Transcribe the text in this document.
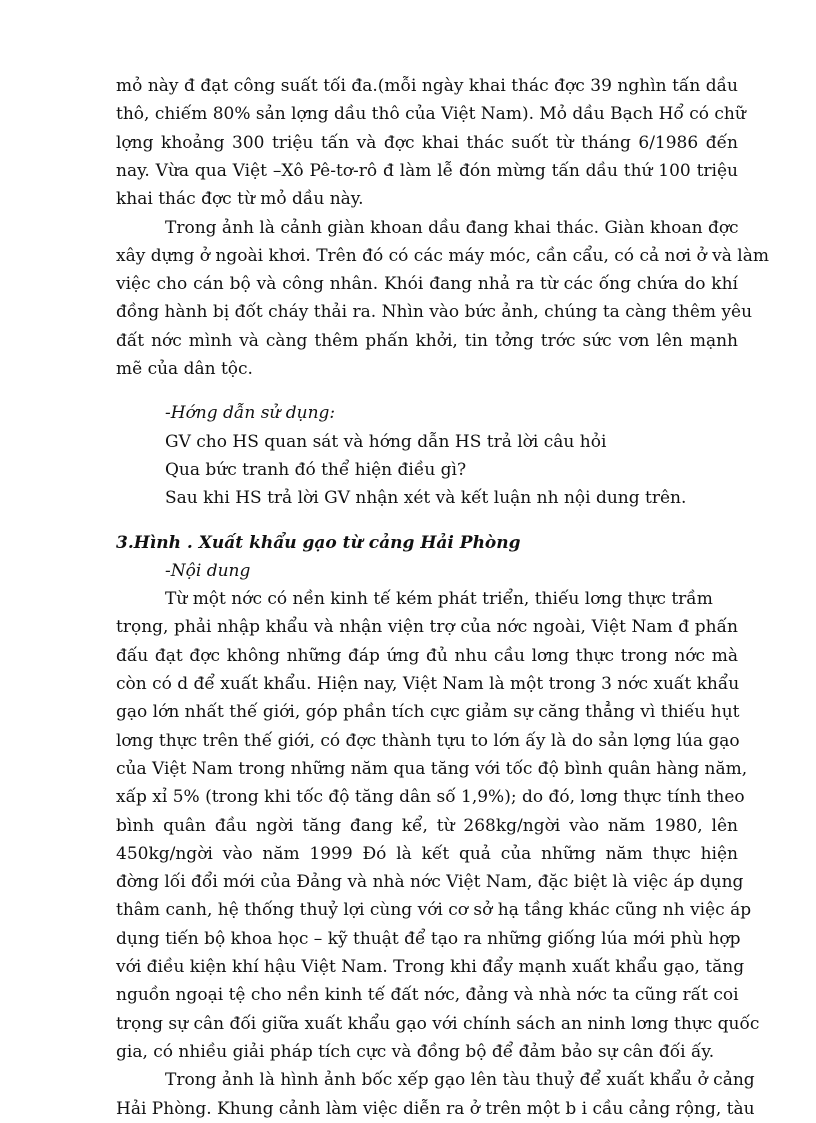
mỏ này đ đạt công suất tối đa.(mỗi ngày khai thác đợc 39 nghìn tấn dầu
thô, chiếm 80% sản lợng dầu thô của Việt Nam). Mỏ dầu Bạch Hổ có chữ
lợng khoảng 300 triệu tấn và đợc khai thác suốt từ tháng 6/1986 đến
nay. Vừa qua Việt –Xô Pê-tơ-rô đ làm lễ đón mừng tấn dầu thứ 100 triệu
khai thác đợc từ mỏ dầu này.
Trong ảnh là cảnh giàn khoan dầu đang khai thác. Giàn khoan đợc
xây dựng ở ngoài khơi. Trên đó có các máy móc, cần cẩu, có cả nơi ở và làm
việc cho cán bộ và công nhân. Khói đang nhả ra từ các ống chứa do khí
đồng hành bị đốt cháy thải ra. Nhìn vào bức ảnh, chúng ta càng thêm yêu
đất nớc mình và càng thêm phấn khởi, tin tởng trớc sức vơn lên mạnh
mẽ của dân tộc.
-Hớng dẫn sử dụng:
GV cho HS quan sát và hớng dẫn HS trả lời câu hỏi
Qua bức tranh đó thể hiện điều gì?
Sau khi HS trả lời GV nhận xét và kết luận nh nội dung trên.
3.Hình . Xuất khẩu gạo từ cảng Hải Phòng
-Nội dung
Từ một nớc có nền kinh tế kém phát triển, thiếu lơng thực trầm
trọng, phải nhập khẩu và nhận viện trợ của nớc ngoài, Việt Nam đ phấn
đấu đạt đợc không những đáp ứng đủ nhu cầu lơng thực trong nớc mà
còn có d để xuất khẩu. Hiện nay, Việt Nam là một trong 3 nớc xuất khẩu
gạo lớn nhất thế giới, góp phần tích cực giảm sự căng thẳng vì thiếu hụt
lơng thực trên thế giới, có đợc thành tựu to lớn ấy là do sản lợng lúa gạo
của Việt Nam trong những năm qua tăng với tốc độ bình quân hàng năm,
xấp xỉ 5% (trong khi tốc độ tăng dân số 1,9%); do đó, lơng thực tính theo
bình quân đầu ngời tăng đang kể, từ 268kg/ngời vào năm 1980, lên
450kg/ngời vào năm 1999 Đó là kết quả của những năm thực hiện
đờng lối đổi mới của Đảng và nhà nớc Việt Nam, đặc biệt là việc áp dụng
thâm canh, hệ thống thuỷ lợi cùng với cơ sở hạ tầng khác cũng nh việc áp
dụng tiến bộ khoa học – kỹ thuật để tạo ra những giống lúa mới phù hợp
với điều kiện khí hậu Việt Nam. Trong khi đẩy mạnh xuất khẩu gạo, tăng
nguồn ngoại tệ cho nền kinh tế đất nớc, đảng và nhà nớc ta cũng rất coi
trọng sự cân đối giữa xuất khẩu gạo với chính sách an ninh lơng thực quốc
gia, có nhiều giải pháp tích cực và đồng bộ để đảm bảo sự cân đối ấy.
Trong ảnh là hình ảnh bốc xếp gạo lên tàu thuỷ để xuất khẩu ở cảng
Hải Phòng. Khung cảnh làm việc diễn ra ở trên một b i cầu cảng rộng, tàu
